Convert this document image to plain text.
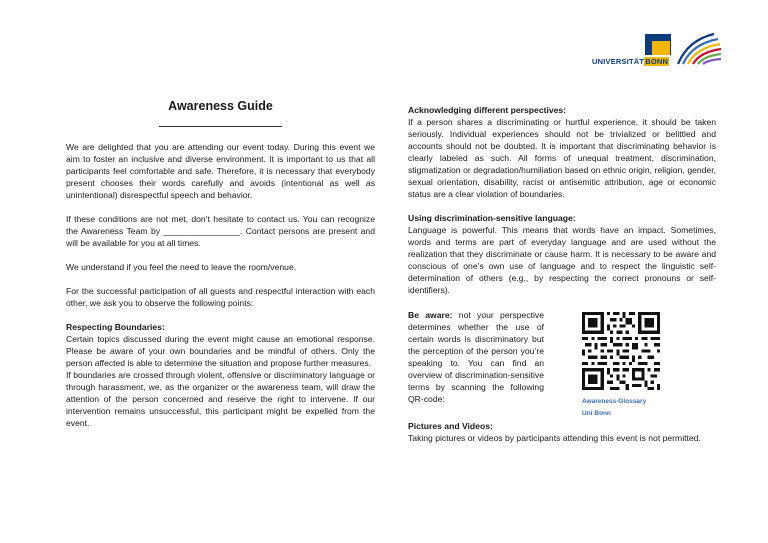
UNIVERSITÄTBONN
Awareness Guide

We are delighted that you are attending our event today. During this event we aim to foster an inclusive and diverse environment. It is important to us that all participants feel comfortable and safe. Therefore, it is necessary that everybody present chooses their words carefully and avoids (intentional as well as unintentional) disrespectful speech and behavior.

If these conditions are not met, don’t hesitate to contact us. You can recognize the Awareness Team by ________________. Contact persons are present and will be available for you at all times.

We understand if you feel the need to leave the room/venue.

For the successful participation of all guests and respectful interaction with each other, we ask you to observe the following points:

Respecting Boundaries:

Certain topics discussed during the event might cause an emotional response. Please be aware of your own boundaries and be mindful of others. Only the person affected is able to determine the situation and propose further measures.

If boundaries are crossed through violent, offensive or discriminatory language or through harassment, we, as the organizer or the awareness team, will draw the attention of the person concerned and reserve the right to intervene. If our intervention remains unsuccessful, this participant might be expelled from the event.

Acknowledging different perspectives:

If a person shares a discriminating or hurtful experience, it should be taken seriously. Individual experiences should not be trivialized or belittled and accounts should not be doubted. It is important that discriminating behavior is clearly labeled as such. All forms of unequal treatment, discrimination, stigmatization or degradation/humiliation based on ethnic origin, religion, gender, sexual orientation, disability, racist or antisemitic attribution, age or economic status are a clear violation of boundaries.

Using discrimination-sensitive language:

Language is powerful. This means that words have an impact. Sometimes, words and terms are part of everyday language and are used without the realization that they discriminate or cause harm. It is necessary to be aware and conscious of one’s own use of language and to respect the linguistic self-determination of others (e.g., by respecting the correct pronouns or self-identifiers).

Be aware: not your perspective determines whether the use of certain words is discriminatory but the perception of the person you’re speaking to. You can find an overview of discrimination-sensitive terms by scanning the following QR-code:	Awareness-Glossary
Uni Bonn

Pictures and Videos:

Taking pictures or videos by participants attending this event is not permitted.
